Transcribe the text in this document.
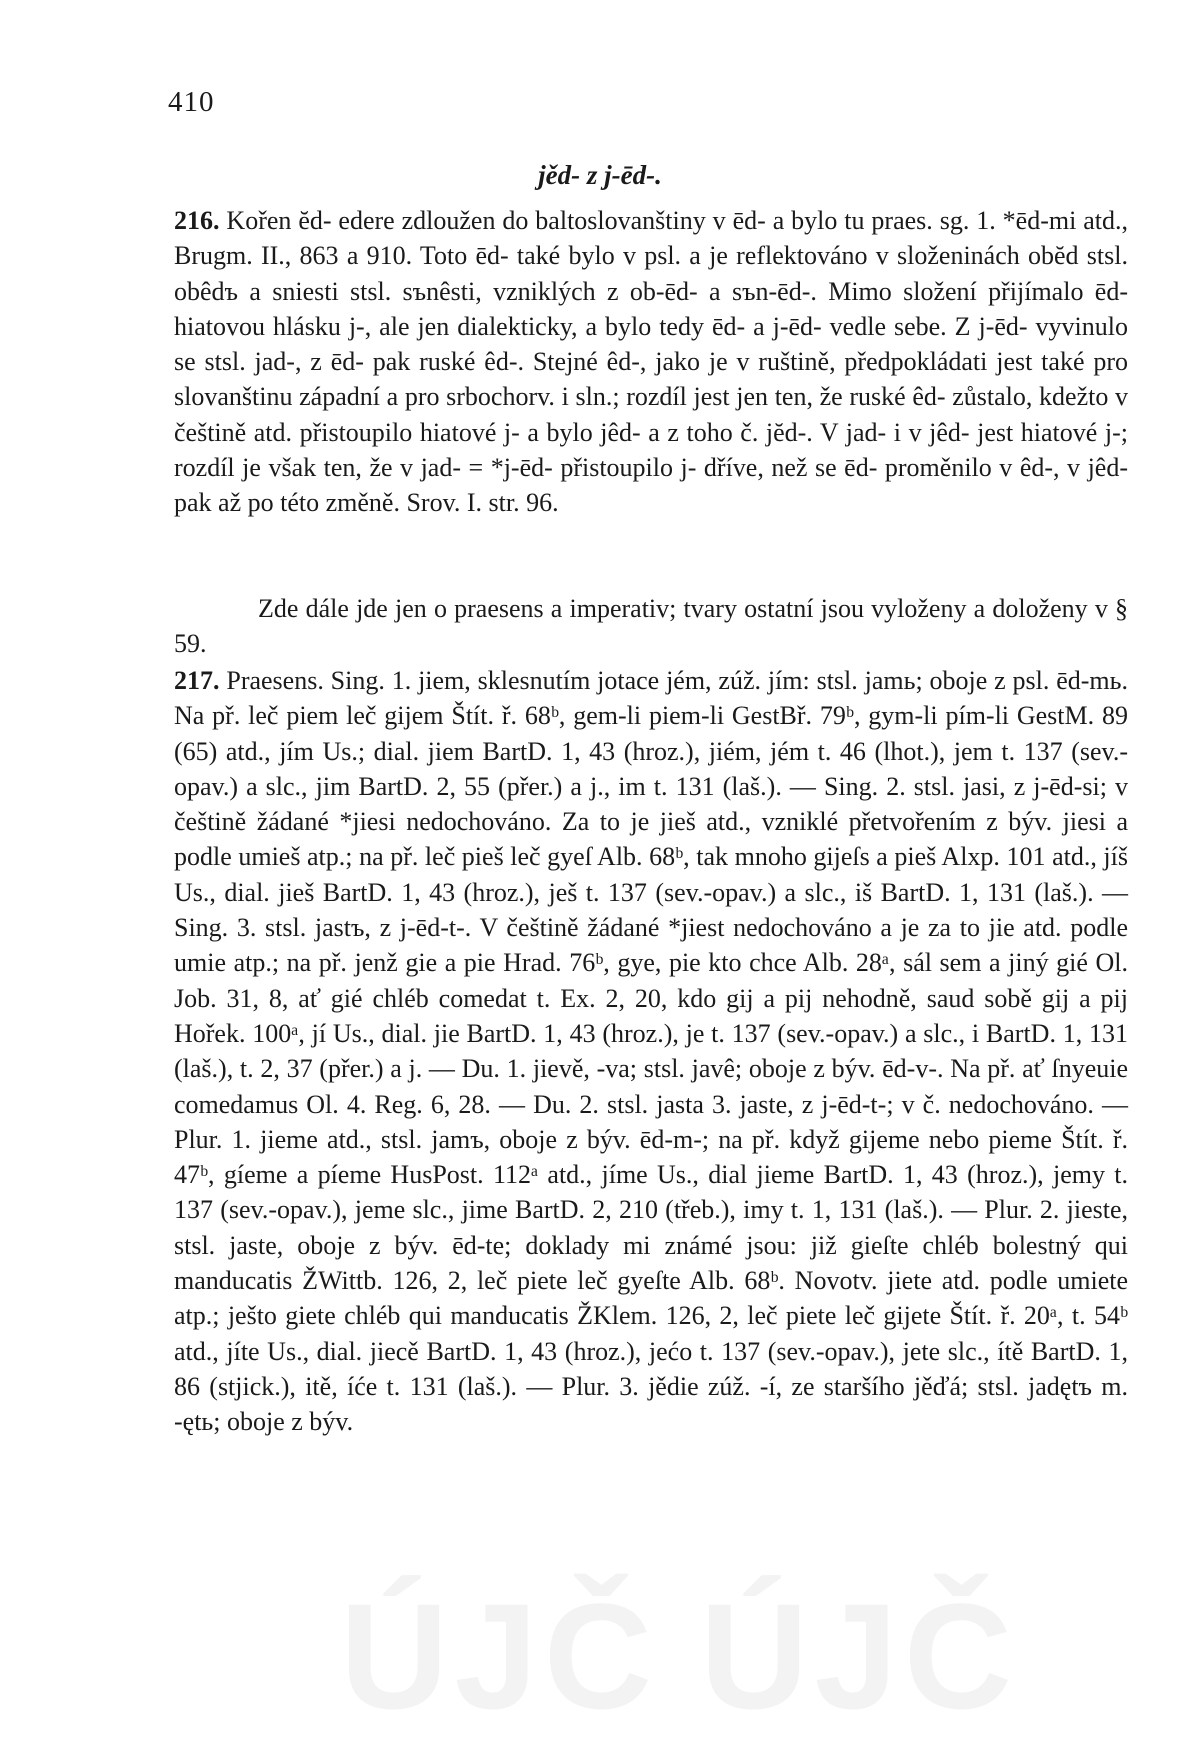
410
jěd- z j-ēd-.
216. Kořen ĕd- edere zdloužen do baltoslovanštiny v ēd- a bylo tu praes. sg. 1. *ēd-mi atd., Brugm. II., 863 a 910. Toto ēd- také bylo v psl. a je reflektováno v složeninách obĕd stsl. obêdъ a sniesti stsl. sъnêsti, vzniklých z ob-ēd- a sъn-ēd-. Mimo složení přijímalo ēd- hiatovou hlásku j-, ale jen dialekticky, a bylo tedy ēd- a j-ēd- vedle sebe. Z j-ēd- vyvinulo se stsl. jad-, z ēd- pak ruské êd-. Stejné êd-, jako je v ruštině, předpokládati jest také pro slovanštinu západní a pro srbochorv. i sln.; rozdíl jest jen ten, že ruské êd- zůstalo, kdežto v češtině atd. přistoupilo hiatové j- a bylo jêd- a z toho č. jĕd-. V jad- i v jêd- jest hiatové j-; rozdíl je však ten, že v jad- = *j-ēd- přistoupilo j- dříve, než se ēd- proměnilo v êd-, v jêd- pak až po této změně. Srov. I. str. 96.
Zde dále jde jen o praesens a imperativ; tvary ostatní jsou vyloženy a doloženy v § 59.
217. Praesens. Sing. 1. jiem, sklesnutím jotace jém, zúž. jím: stsl. jamь; oboje z psl. ēd-mь. Na př. leč piem leč gijem Štít. ř. 68ᵇ, gem-li piem-li GestBř. 79ᵇ, gym-li pím-li GestM. 89 (65) atd., jím Us.; dial. jiem BartD. 1, 43 (hroz.), jiém, jém t. 46 (lhot.), jem t. 137 (sev.-opav.) a slc., jim BartD. 2, 55 (přer.) a j., im t. 131 (laš.). — Sing. 2. stsl. jasi, z j-ēd-si; v češtině žádané *jiesi nedochováno. Za to je jieš atd., vzniklé přetvořením z býv. jiesi a podle umieš atp.; na př. leč pieš leč gyeſ Alb. 68ᵇ, tak mnoho gijeſs a pieš Alxp. 101 atd., jíš Us., dial. jieš BartD. 1, 43 (hroz.), ješ t. 137 (sev.-opav.) a slc., iš BartD. 1, 131 (laš.). — Sing. 3. stsl. jastъ, z j-ēd-t-. V češtině žádané *jiest nedochováno a je za to jie atd. podle umie atp.; na př. jenž gie a pie Hrad. 76ᵇ, gye, pie kto chce Alb. 28ᵃ, sál sem a jiný gié Ol. Job. 31, 8, ať gié chléb comedat t. Ex. 2, 20, kdo gij a pij nehodně, saud sobě gij a pij Hořek. 100ᵃ, jí Us., dial. jie BartD. 1, 43 (hroz.), je t. 137 (sev.-opav.) a slc., i BartD. 1, 131 (laš.), t. 2, 37 (přer.) a j. — Du. 1. jievě, -va; stsl. javê; oboje z býv. ēd-v-. Na př. ať ſnyeuie comedamus Ol. 4. Reg. 6, 28. — Du. 2. stsl. jasta 3. jaste, z j-ēd-t-; v č. nedochováno. — Plur. 1. jieme atd., stsl. jamъ, oboje z býv. ēd-m-; na př. když gijeme nebo pieme Štít. ř. 47ᵇ, gíeme a píeme HusPost. 112ᵃ atd., jíme Us., dial jieme BartD. 1, 43 (hroz.), jemy t. 137 (sev.-opav.), jeme slc., jime BartD. 2, 210 (třeb.), imy t. 1, 131 (laš.). — Plur. 2. jieste, stsl. jaste, oboje z býv. ēd-te; doklady mi známé jsou: již gieſte chléb bolestný qui manducatis ŽWittb. 126, 2, leč piete leč gyeſte Alb. 68ᵇ. Novotv. jiete atd. podle umiete atp.; ješto giete chléb qui manducatis ŽKlem. 126, 2, leč piete leč gijete Štít. ř. 20ᵃ, t. 54ᵇ atd., jíte Us., dial. jiecě BartD. 1, 43 (hroz.), jećo t. 137 (sev.-opav.), jete slc., ítě BartD. 1, 86 (stjick.), itě, íće t. 131 (laš.). — Plur. 3. jědie zúž. -í, ze staršího jěďá; stsl. jadętъ m. -ętь; oboje z býv.
ÚJČ ÚJČ
